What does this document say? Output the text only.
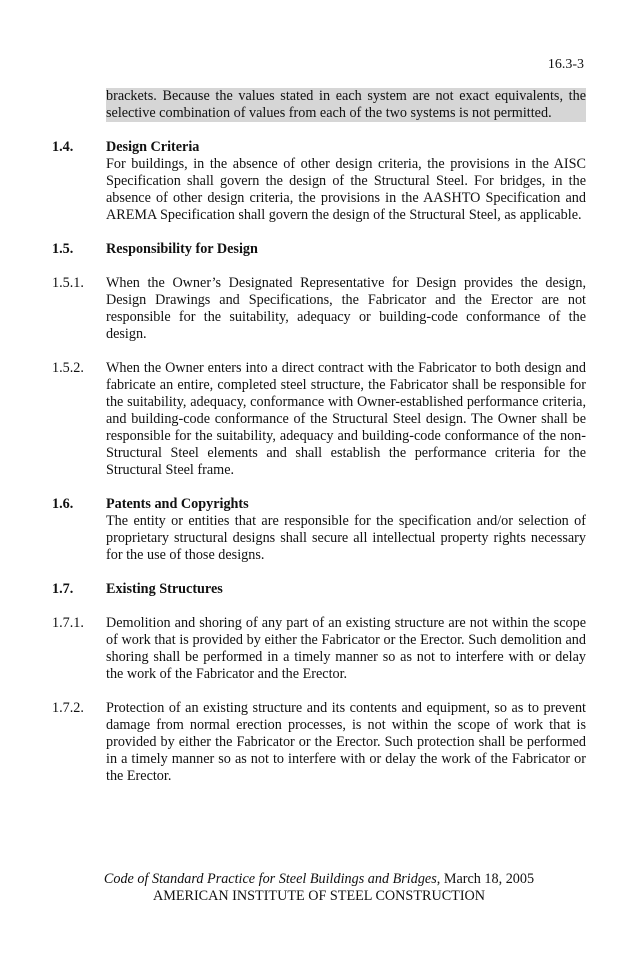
16.3-3
brackets. Because the values stated in each system are not exact equivalents, the selective combination of values from each of the two systems is not permitted.
1.4.	Design Criteria
For buildings, in the absence of other design criteria, the provisions in the AISC Specification shall govern the design of the Structural Steel. For bridges, in the absence of other design criteria, the provisions in the AASHTO Specification and AREMA Specification shall govern the design of the Structural Steel, as applicable.
1.5.	Responsibility for Design
1.5.1.	When the Owner’s Designated Representative for Design provides the design, Design Drawings and Specifications, the Fabricator and the Erector are not responsible for the suitability, adequacy or building-code conformance of the design.
1.5.2.	When the Owner enters into a direct contract with the Fabricator to both design and fabricate an entire, completed steel structure, the Fabricator shall be responsible for the suitability, adequacy, conformance with Owner-established performance criteria, and building-code conformance of the Structural Steel design. The Owner shall be responsible for the suitability, adequacy and building-code conformance of the non-Structural Steel elements and shall establish the performance criteria for the Structural Steel frame.
1.6.	Patents and Copyrights
The entity or entities that are responsible for the specification and/or selection of proprietary structural designs shall secure all intellectual property rights necessary for the use of those designs.
1.7.	Existing Structures
1.7.1.	Demolition and shoring of any part of an existing structure are not within the scope of work that is provided by either the Fabricator or the Erector. Such demolition and shoring shall be performed in a timely manner so as not to interfere with or delay the work of the Fabricator and the Erector.
1.7.2.	Protection of an existing structure and its contents and equipment, so as to prevent damage from normal erection processes, is not within the scope of work that is provided by either the Fabricator or the Erector. Such protection shall be performed in a timely manner so as not to interfere with or delay the work of the Fabricator or the Erector.
Code of Standard Practice for Steel Buildings and Bridges, March 18, 2005
AMERICAN INSTITUTE OF STEEL CONSTRUCTION
